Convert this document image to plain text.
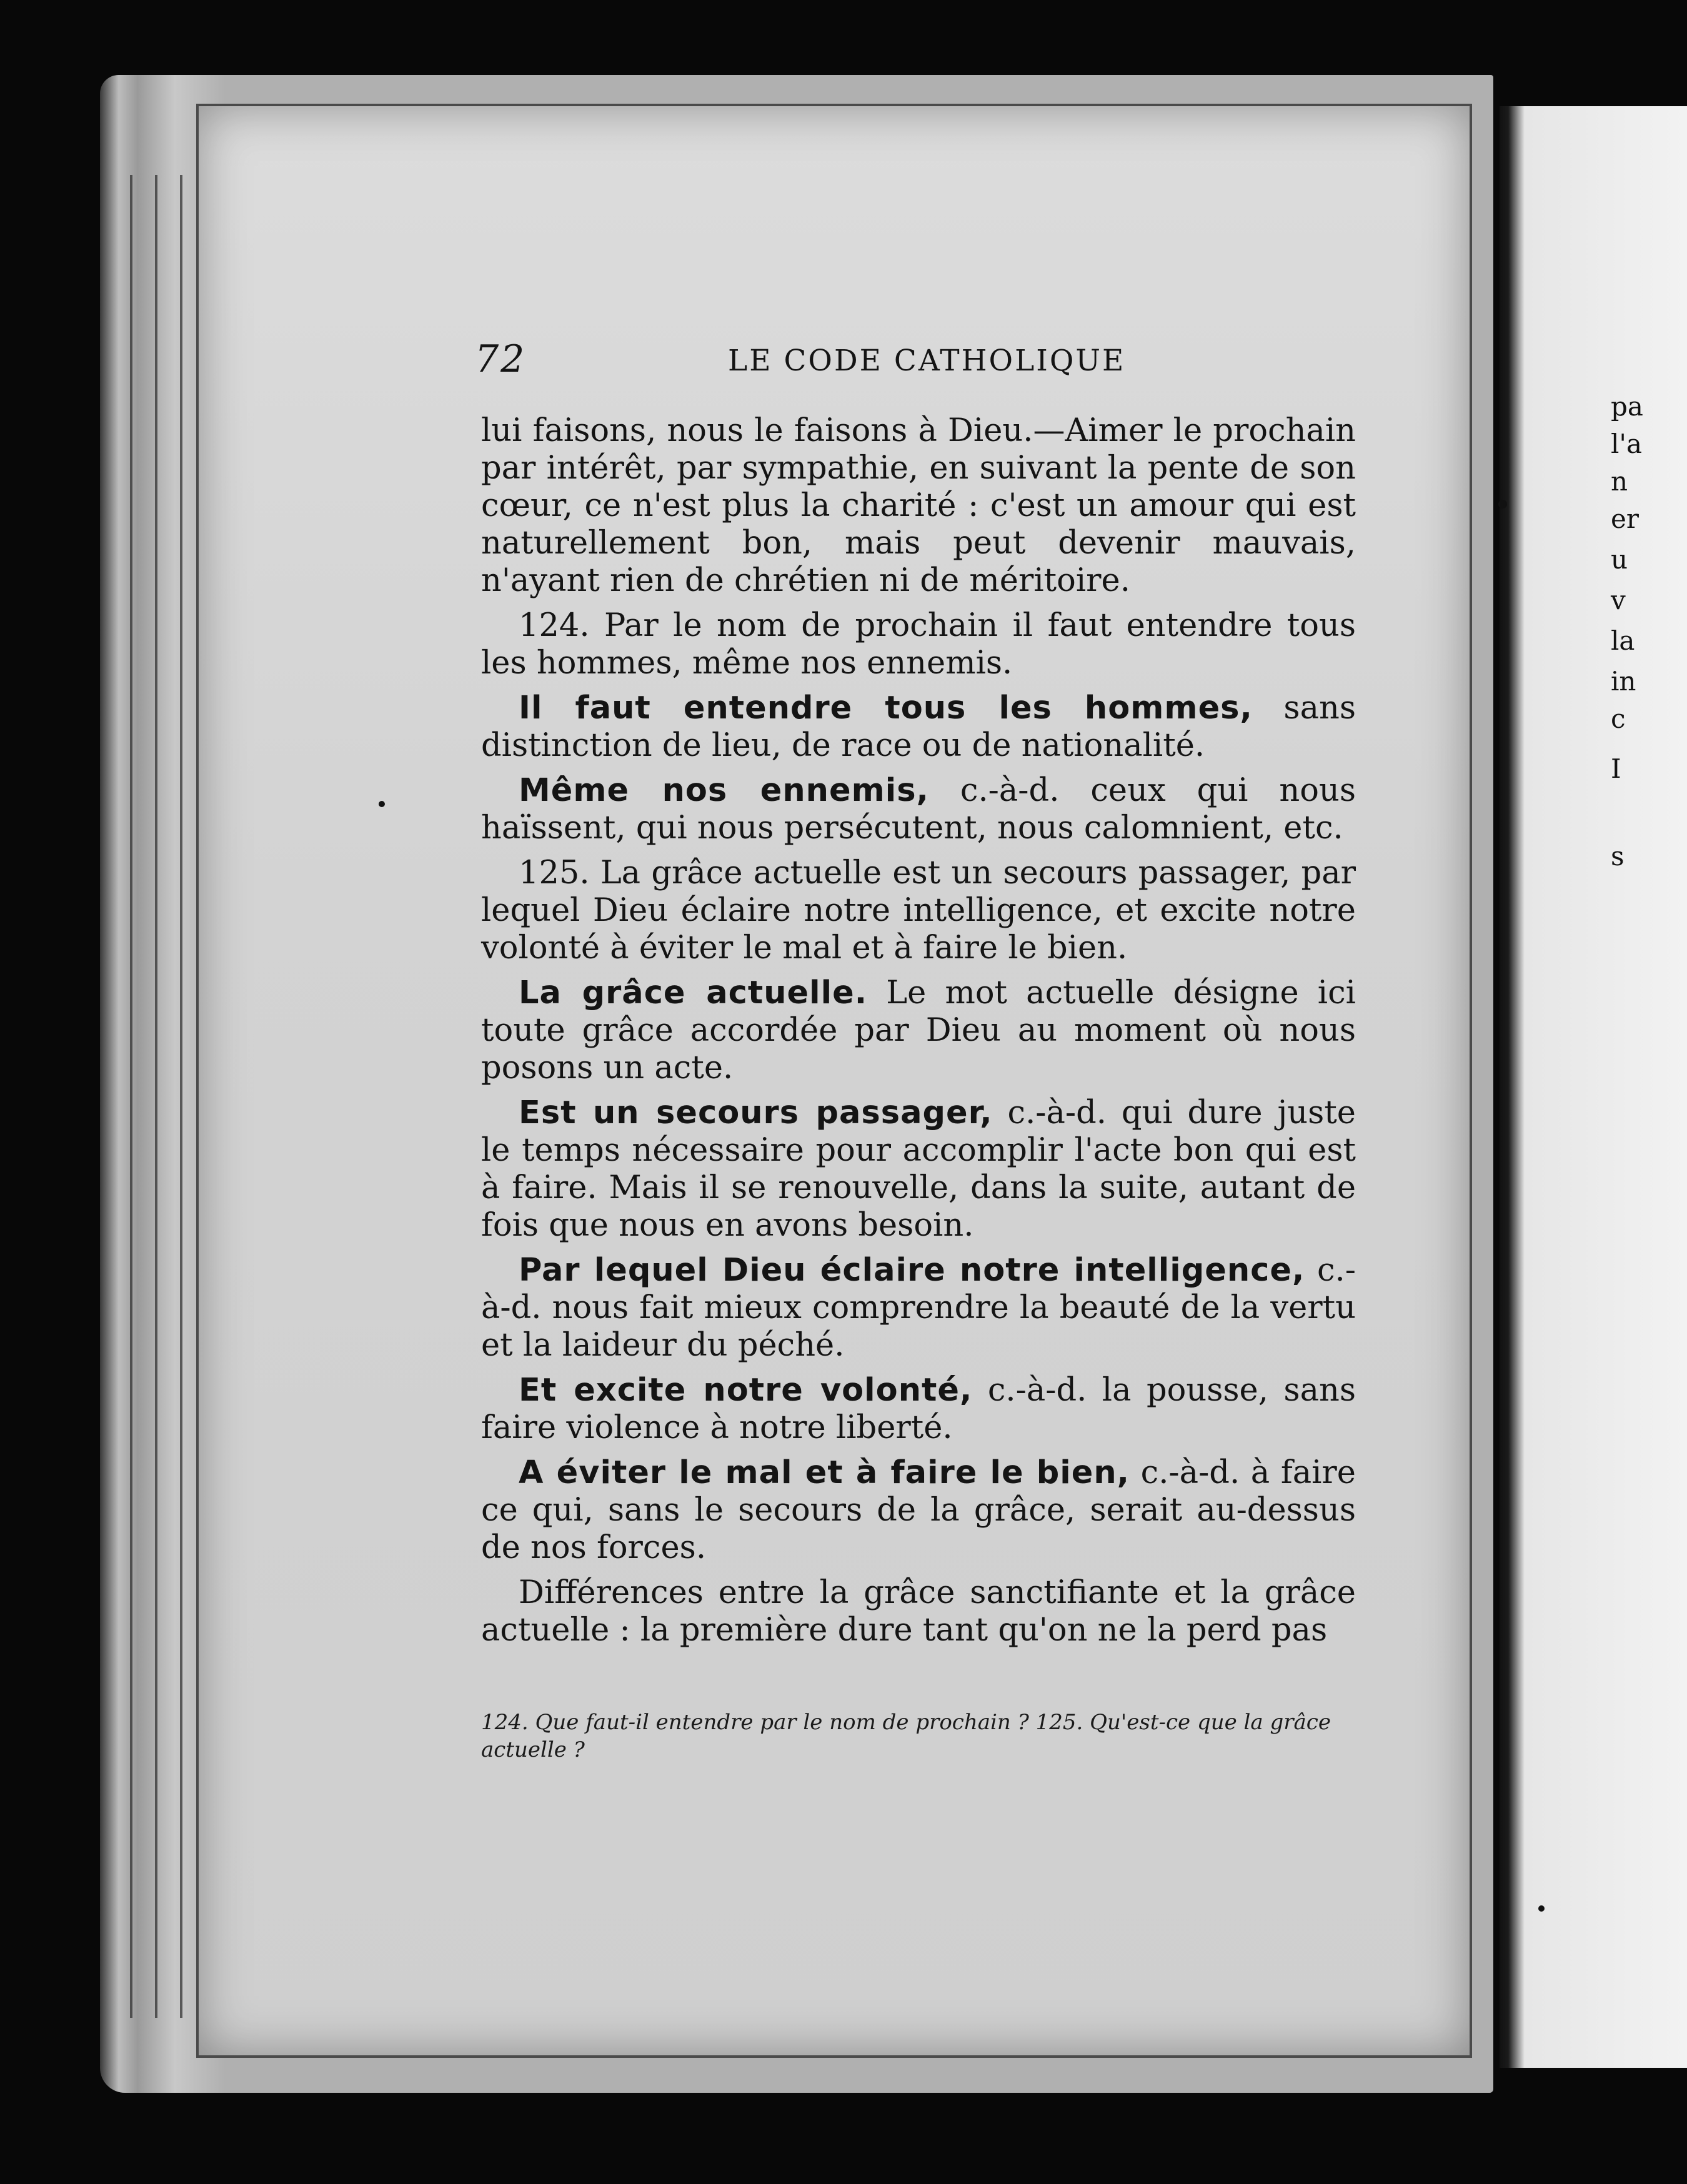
pa
l'a
n
er
u
v
la
in
c
I
s
72	LE CODE CATHOLIQUE

lui faisons, nous le faisons à Dieu.—Aimer le prochain par intérêt, par sympathie, en suivant la pente de son cœur, ce n'est plus la charité : c'est un amour qui est naturellement bon, mais peut devenir mauvais, n'ayant rien de chrétien ni de méritoire.

124. Par le nom de prochain il faut entendre tous les hommes, même nos ennemis.

Il faut entendre tous les hommes, sans distinction de lieu, de race ou de nationalité.

Même nos ennemis, c.-à-d. ceux qui nous haïssent, qui nous persécutent, nous calomnient, etc.

125. La grâce actuelle est un secours passager, par lequel Dieu éclaire notre intelligence, et excite notre volonté à éviter le mal et à faire le bien.

La grâce actuelle. Le mot actuelle désigne ici toute grâce accordée par Dieu au moment où nous posons un acte.

Est un secours passager, c.-à-d. qui dure juste le temps nécessaire pour accomplir l'acte bon qui est à faire. Mais il se renouvelle, dans la suite, autant de fois que nous en avons besoin.

Par lequel Dieu éclaire notre intelligence, c.-à-d. nous fait mieux comprendre la beauté de la vertu et la laideur du péché.

Et excite notre volonté, c.-à-d. la pousse, sans faire violence à notre liberté.

A éviter le mal et à faire le bien, c.-à-d. à faire ce qui, sans le secours de la grâce, serait au-dessus de nos forces.

Différences entre la grâce sanctifiante et la grâce actuelle : la première dure tant qu'on ne la perd pas

124. Que faut-il entendre par le nom de prochain ? 125. Qu'est-ce que la grâce actuelle ?
